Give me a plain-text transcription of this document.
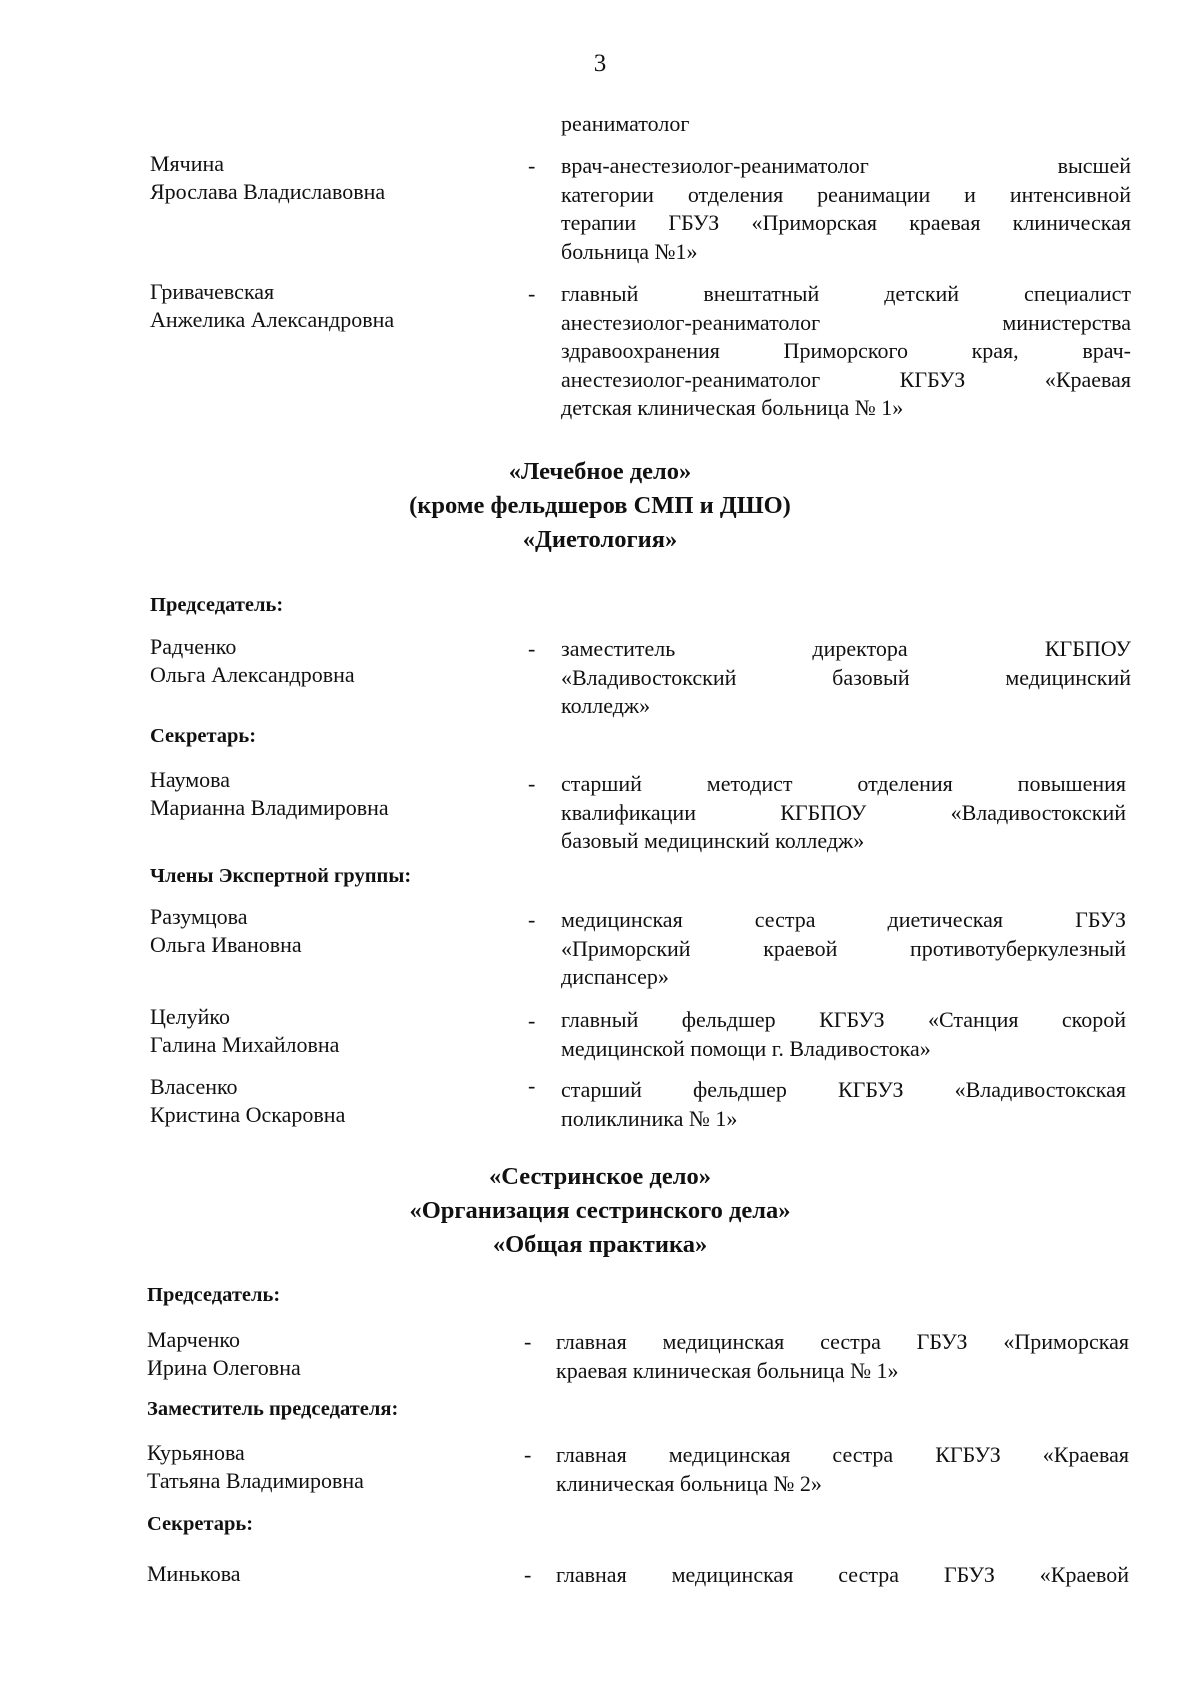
3
реаниматолог
Мячина
Ярослава Владиславовна
- врач-анестезиолог-реаниматолог высшей
категории отделения реанимации и интенсивной
терапии ГБУЗ «Приморская краевая клиническая
больница №1»
Гривачевская
Анжелика Александровна
- главный внештатный детский специалист
анестезиолог-реаниматолог министерства
здравоохранения Приморского края, врач-
анестезиолог-реаниматолог КГБУЗ «Краевая
детская клиническая больница № 1»
«Лечебное дело»
(кроме фельдшеров СМП и ДШО)
«Диетология»
Председатель:
Радченко
Ольга Александровна
- заместитель директора КГБПОУ
«Владивостокский базовый медицинский
колледж»
Секретарь:
Наумова
Марианна Владимировна
- старший методист отделения повышения
квалификации КГБПОУ «Владивостокский
базовый медицинский колледж»
Члены Экспертной группы:
Разумцова
Ольга Ивановна
- медицинская сестра диетическая ГБУЗ
«Приморский краевой противотуберкулезный
диспансер»
Целуйко
Галина Михайловна
- главный фельдшер КГБУЗ «Станция скорой
медицинской помощи г. Владивостока»
Власенко
Кристина Оскаровна
- старший фельдшер КГБУЗ «Владивостокская
поликлиника № 1»
«Сестринское дело»
«Организация сестринского дела»
«Общая практика»
Председатель:
Марченко
Ирина Олеговна
- главная медицинская сестра ГБУЗ «Приморская
краевая клиническая больница № 1»
Заместитель председателя:
Курьянова
Татьяна Владимировна
- главная медицинская сестра КГБУЗ «Краевая
клиническая больница № 2»
Секретарь:
Минькова	- главная медицинская сестра ГБУЗ «Краевой
